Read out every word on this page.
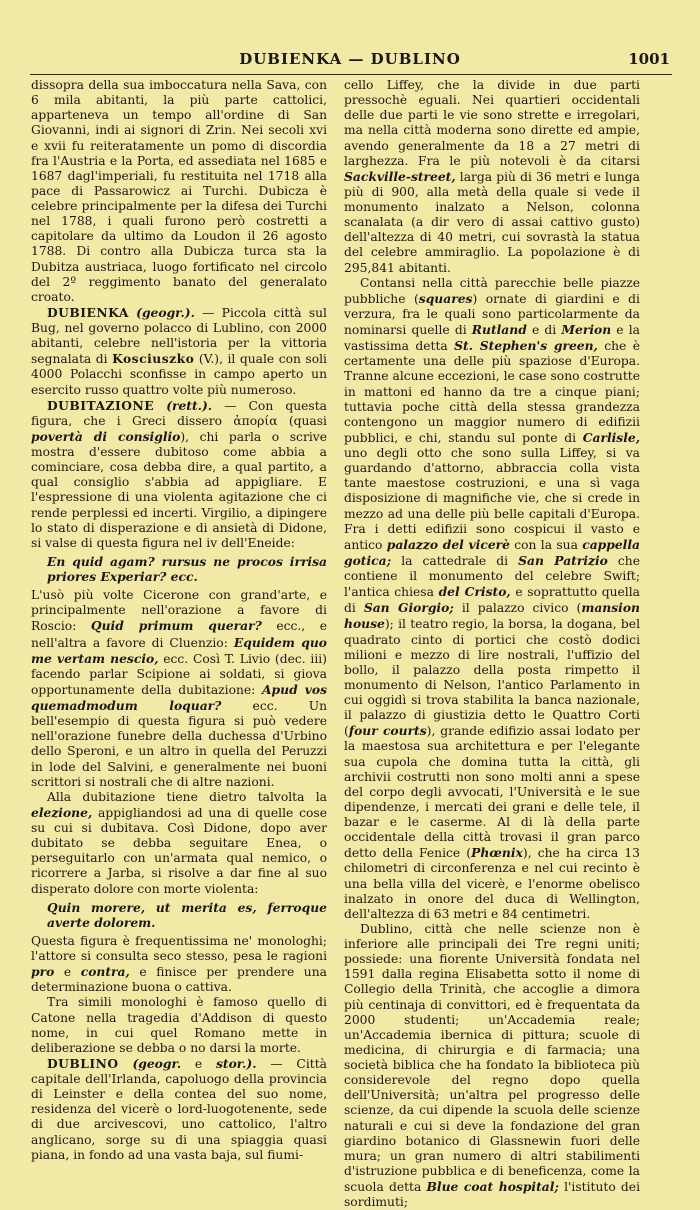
DUBIENKA — DUBLINO	1001

dissopra della sua imboccatura nella Sava, con 6 mila abitanti, la più parte cattolici, apparteneva un tempo all'ordine di San Giovanni, indi ai signori di Zrin. Nei secoli xvi e xvii fu reiteratamente un pomo di discordia fra l'Austria e la Porta, ed assediata nel 1685 e 1687 dagl'imperiali, fu restituita nel 1718 alla pace di Passarowicz ai Turchi. Dubicza è celebre principalmente per la difesa dei Turchi nel 1788, i quali furono però costretti a capitolare da ultimo da Loudon il 26 agosto 1788. Di contro alla Dubicza turca sta la Dubitza austriaca, luogo fortificato nel circolo del 2º reggimento banato del generalato croato.

DUBIENKA (geogr.). — Piccola città sul Bug, nel governo polacco di Lublino, con 2000 abitanti, celebre nell'istoria per la vittoria segnalata di Kosciuszko (V.), il quale con soli 4000 Polacchi sconfisse in campo aperto un esercito russo quattro volte più numeroso.

DUBITAZIONE (rett.). — Con questa figura, che i Greci dissero ἀπορία (quasi povertà di consiglio), chi parla o scrive mostra d'essere dubitoso come abbia a cominciare, cosa debba dire, a qual partito, a qual consiglio s'abbia ad appigliare. E l'espressione di una violenta agitazione che ci rende perplessi ed incerti. Virgilio, a dipingere lo stato di disperazione e di ansietà di Didone, si valse di questa figura nel iv dell'Eneide:

En quid agam? rursus ne procos irrisa priores Experiar? ecc.

L'usò più volte Cicerone con grand'arte, e principalmente nell'orazione a favore di Roscio: Quid primum querar? ecc., e nell'altra a favore di Cluenzio: Equidem quo me vertam nescio, ecc. Così T. Livio (dec. iii) facendo parlar Scipione ai soldati, si giova opportunamente della dubitazione: Apud vos quemadmodum loquar? ecc. Un bell'esempio di questa figura si può vedere nell'orazione funebre della duchessa d'Urbino dello Speroni, e un altro in quella del Peruzzi in lode del Salvini, e generalmente nei buoni scrittori si nostrali che di altre nazioni.

Alla dubitazione tiene dietro talvolta la elezione, appigliandosi ad una di quelle cose su cui si dubitava. Così Didone, dopo aver dubitato se debba seguitare Enea, o perseguitarlo con un'armata qual nemico, o ricorrere a Jarba, si risolve a dar fine al suo disperato dolore con morte violenta:

Quin morere, ut merita es, ferroque averte dolorem.

Questa figura è frequentissima ne' monologhi; l'attore si consulta seco stesso, pesa le ragioni pro e contra, e finisce per prendere una determinazione buona o cattiva.

Tra simili monologhi è famoso quello di Catone nella tragedia d'Addison di questo nome, in cui quel Romano mette in deliberazione se debba o no darsi la morte.

DUBLINO (geogr. e stor.). — Città capitale dell'Irlanda, capoluogo della provincia di Leinster e della contea del suo nome, residenza del vicerè o lord-luogotenente, sede di due arcivescovi, uno cattolico, l'altro anglicano, sorge su di una spiaggia quasi piana, in fondo ad una vasta baja, sul fiumi-

cello Liffey, che la divide in due parti pressochè eguali. Nei quartieri occidentali delle due parti le vie sono strette e irregolari, ma nella città moderna sono dirette ed ampie, avendo generalmente da 18 a 27 metri di larghezza. Fra le più notevoli è da citarsi Sackville-street, larga più di 36 metri e lunga più di 900, alla metà della quale si vede il monumento inalzato a Nelson, colonna scanalata (a dir vero di assai cattivo gusto) dell'altezza di 40 metri, cui sovrastà la statua del celebre ammiraglio. La popolazione è di 295,841 abitanti.

Contansi nella città parecchie belle piazze pubbliche (squares) ornate di giardini e di verzura, fra le quali sono particolarmente da nominarsi quelle di Rutland e di Merion e la vastissima detta St. Stephen's green, che è certamente una delle più spaziose d'Europa. Tranne alcune eccezioni, le case sono costrutte in mattoni ed hanno da tre a cinque piani; tuttavia poche città della stessa grandezza contengono un maggior numero di edifizii pubblici, e chi, standu sul ponte di Carlisle, uno degli otto che sono sulla Liffey, si va guardando d'attorno, abbraccia colla vista tante maestose costruzioni, e una sì vaga disposizione di magnifiche vie, che si crede in mezzo ad una delle più belle capitali d'Europa. Fra i detti edifizii sono cospicui il vasto e antico palazzo del vicerè con la sua cappella gotica; la cattedrale di San Patrizio che contiene il monumento del celebre Swift; l'antica chiesa del Cristo, e soprattutto quella di San Giorgio; il palazzo civico (mansion house); il teatro regio, la borsa, la dogana, bel quadrato cinto di portici che costò dodici milioni e mezzo di lire nostrali, l'uffizio del bollo, il palazzo della posta rimpetto il monumento di Nelson, l'antico Parlamento in cui oggidì si trova stabilita la banca nazionale, il palazzo di giustizia detto le Quattro Corti (four courts), grande edifizio assai lodato per la maestosa sua architettura e per l'elegante sua cupola che domina tutta la città, gli archivii costrutti non sono molti anni a spese del corpo degli avvocati, l'Università e le sue dipendenze, i mercati dei grani e delle tele, il bazar e le caserme. Al di là della parte occidentale della città trovasi il gran parco detto della Fenice (Phœnix), che ha circa 13 chilometri di circonferenza e nel cui recinto è una bella villa del vicerè, e l'enorme obelisco inalzato in onore del duca di Wellington, dell'altezza di 63 metri e 84 centimetri.

Dublino, città che nelle scienze non è inferiore alle principali dei Tre regni uniti; possiede: una fiorente Università fondata nel 1591 dalla regina Elisabetta sotto il nome di Collegio della Trinità, che accoglie a dimora più centinaja di convittori, ed è frequentata da 2000 studenti; un'Accademia reale; un'Accademia ibernica di pittura; scuole di medicina, di chirurgia e di farmacia; una società biblica che ha fondato la biblioteca più considerevole del regno dopo quella dell'Università; un'altra pel progresso delle scienze, da cui dipende la scuola delle scienze naturali e cui si deve la fondazione del gran giardino botanico di Glassnewin fuori delle mura; un gran numero di altri stabilimenti d'istruzione pubblica e di beneficenza, come la scuola detta Blue coat hospital; l'istituto dei sordimuti;
